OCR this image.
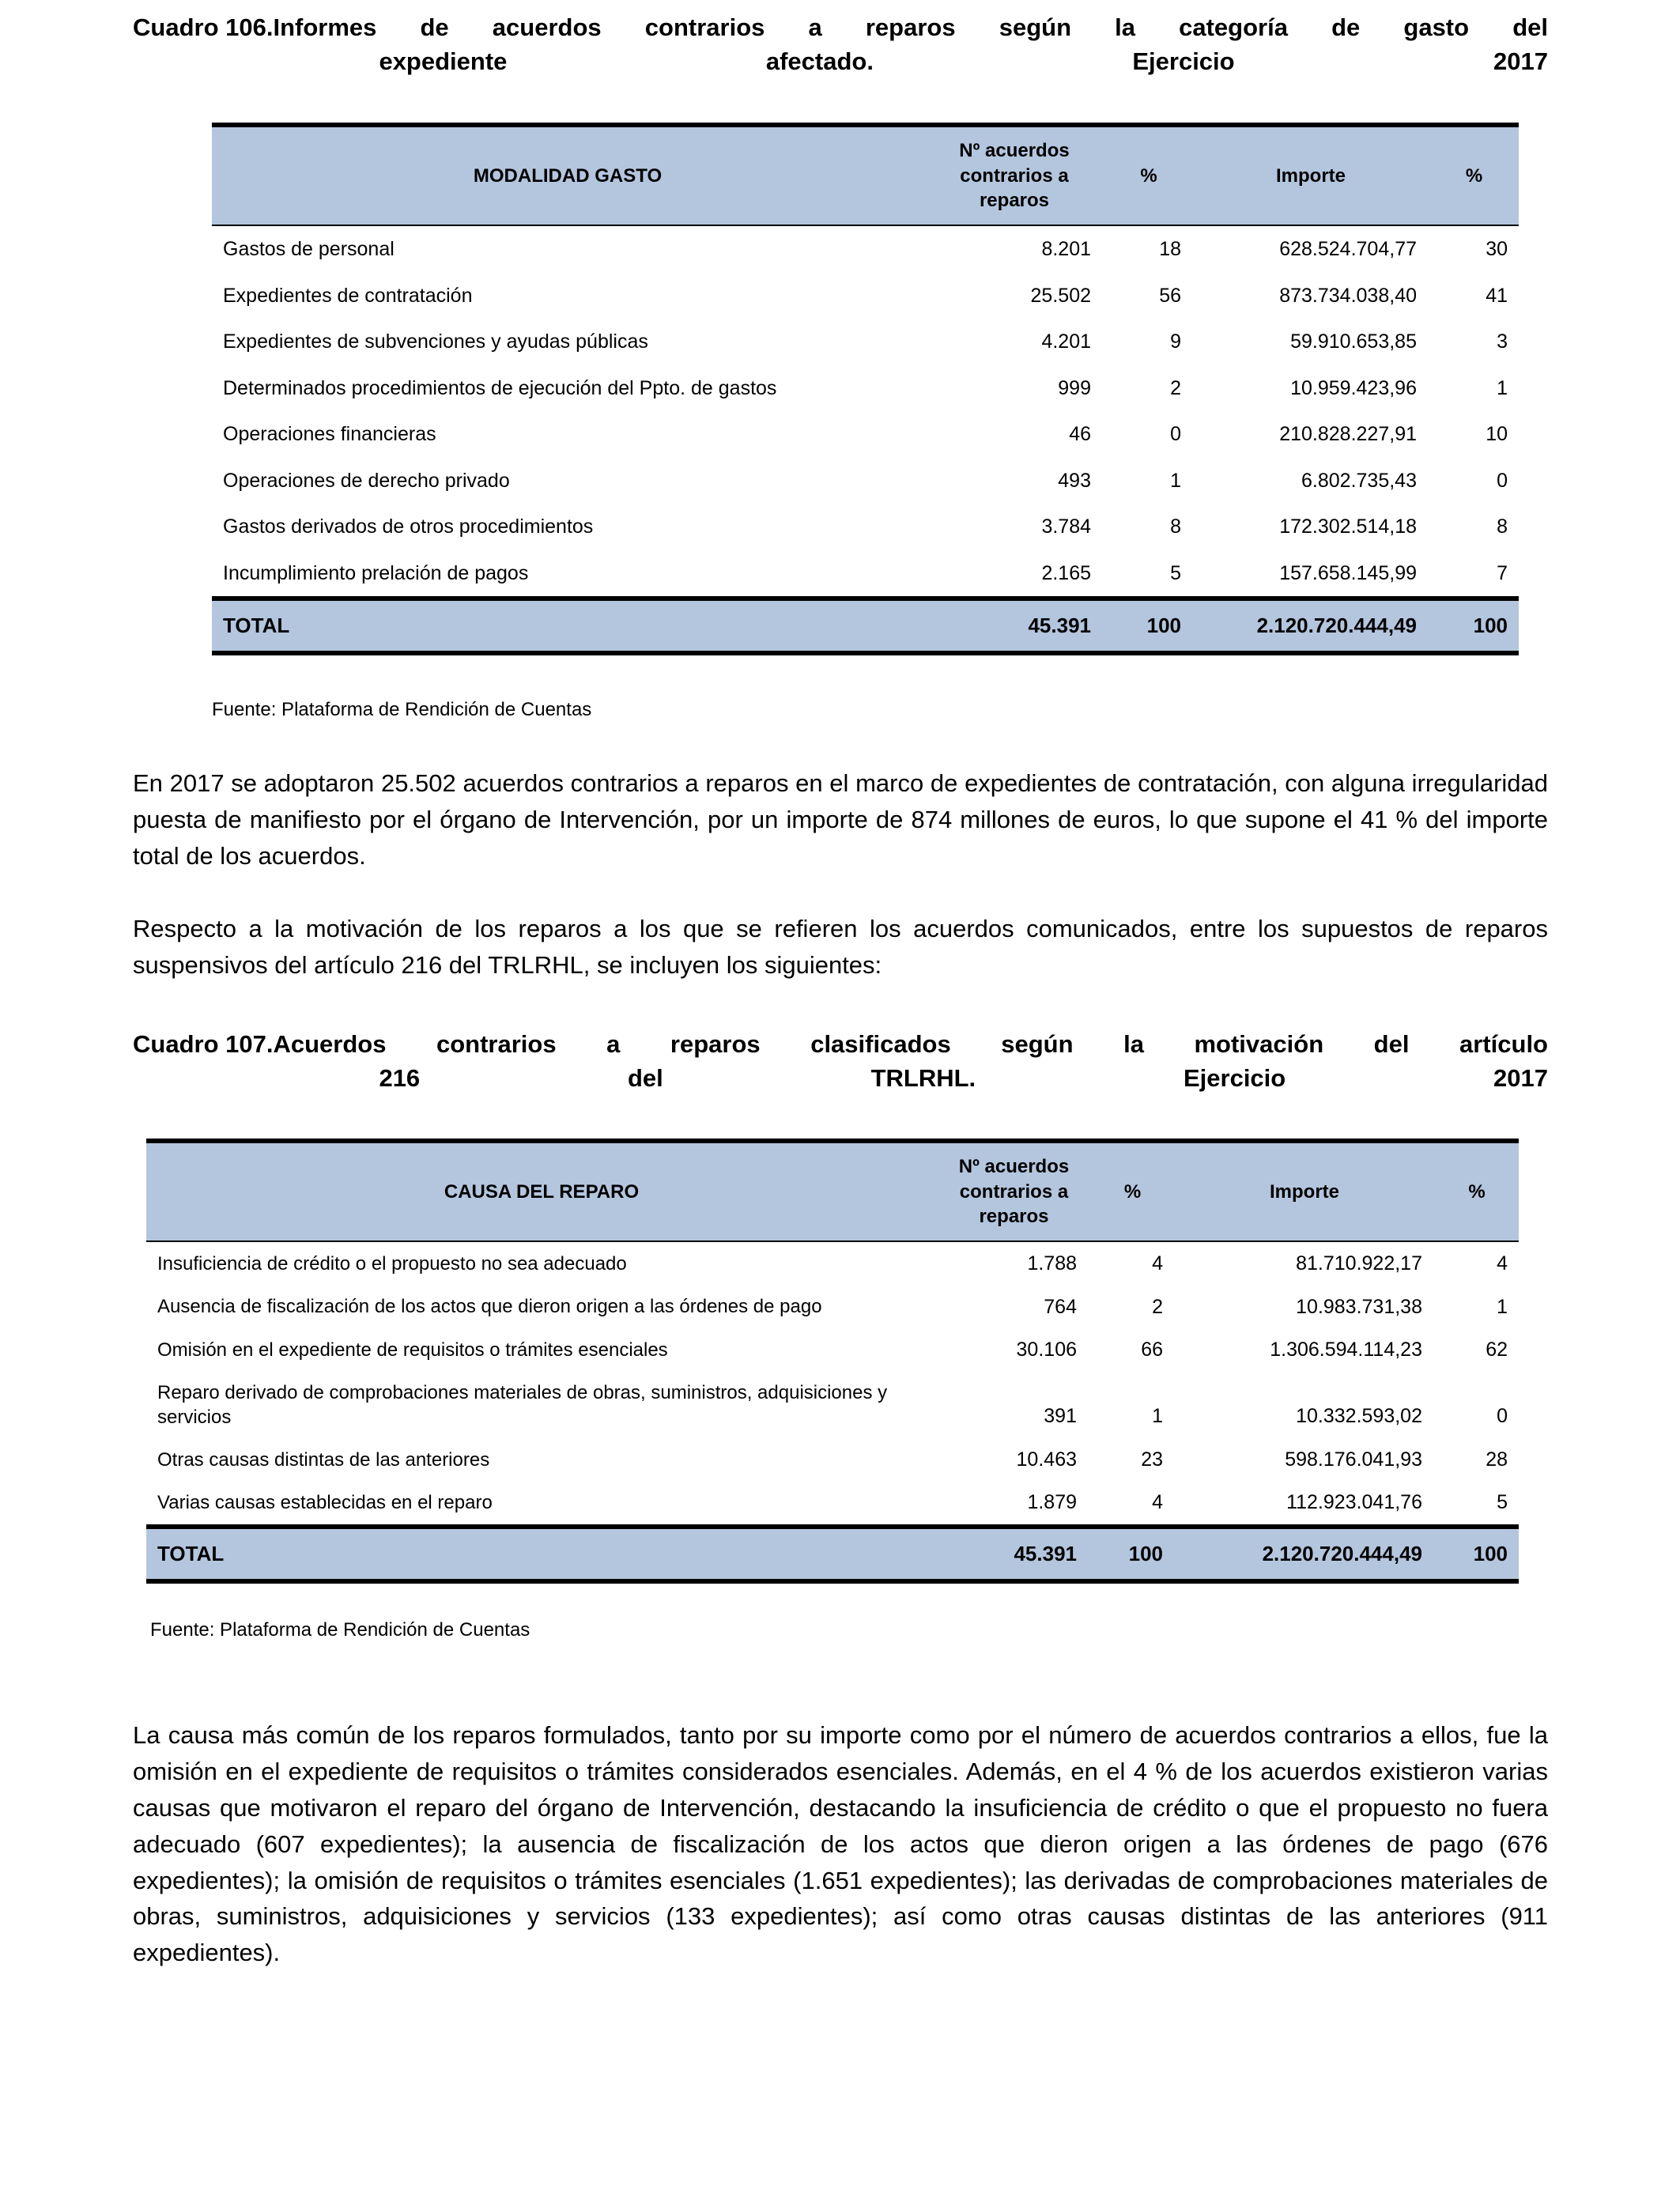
Cuadro 106. Informes de acuerdos contrarios a reparos según la categoría de gasto del
expediente afectado. Ejercicio 2017
MODALIDAD GASTO	Nº acuerdos contrarios a reparos	%	Importe	%
Gastos de personal	8.201	18	628.524.704,77	30
Expedientes de contratación	25.502	56	873.734.038,40	41
Expedientes de subvenciones y ayudas públicas	4.201	9	59.910.653,85	3
Determinados procedimientos de ejecución del Ppto. de gastos	999	2	10.959.423,96	1
Operaciones financieras	46	0	210.828.227,91	10
Operaciones de derecho privado	493	1	6.802.735,43	0
Gastos derivados de otros procedimientos	3.784	8	172.302.514,18	8
Incumplimiento prelación de pagos	2.165	5	157.658.145,99	7
TOTAL	45.391	100	2.120.720.444,49	100
Fuente: Plataforma de Rendición de Cuentas
En 2017 se adoptaron 25.502 acuerdos contrarios a reparos en el marco de expedientes de contratación, con alguna irregularidad puesta de manifiesto por el órgano de Intervención, por un importe de 874 millones de euros, lo que supone el 41 % del importe total de los acuerdos.
Respecto a la motivación de los reparos a los que se refieren los acuerdos comunicados, entre los supuestos de reparos suspensivos del artículo 216 del TRLRHL, se incluyen los siguientes:
Cuadro 107. Acuerdos contrarios a reparos clasificados según la motivación del artículo
216 del TRLRHL. Ejercicio 2017
CAUSA DEL REPARO	Nº acuerdos contrarios a reparos	%	Importe	%
Insuficiencia de crédito o el propuesto no sea adecuado	1.788	4	81.710.922,17	4
Ausencia de fiscalización de los actos que dieron origen a las órdenes de pago	764	2	10.983.731,38	1
Omisión en el expediente de requisitos o trámites esenciales	30.106	66	1.306.594.114,23	62
Reparo derivado de comprobaciones materiales de obras, suministros, adquisiciones y servicios	391	1	10.332.593,02	0
Otras causas distintas de las anteriores	10.463	23	598.176.041,93	28
Varias causas establecidas en el reparo	1.879	4	112.923.041,76	5
TOTAL	45.391	100	2.120.720.444,49	100
Fuente: Plataforma de Rendición de Cuentas
La causa más común de los reparos formulados, tanto por su importe como por el número de acuerdos contrarios a ellos, fue la omisión en el expediente de requisitos o trámites considerados esenciales. Además, en el 4 % de los acuerdos existieron varias causas que motivaron el reparo del órgano de Intervención, destacando la insuficiencia de crédito o que el propuesto no fuera adecuado (607 expedientes); la ausencia de fiscalización de los actos que dieron origen a las órdenes de pago (676 expedientes); la omisión de requisitos o trámites esenciales (1.651 expedientes); las derivadas de comprobaciones materiales de obras, suministros, adquisiciones y servicios (133 expedientes); así como otras causas distintas de las anteriores (911 expedientes).
